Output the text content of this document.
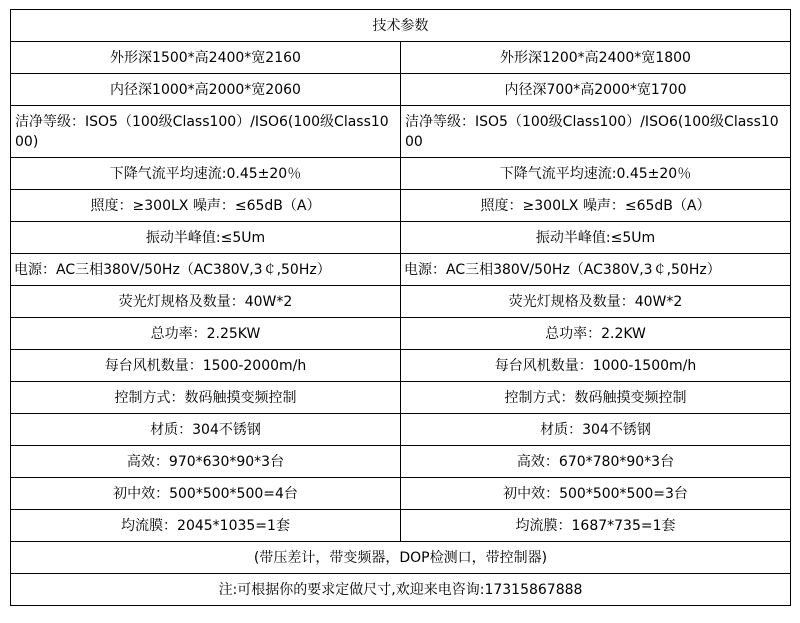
技术参数	
外形深1500*高2400*宽2160	外形深1200*高2400*宽1800
内径深1000*高2000*宽2060	内径深700*高2000*宽1700
洁净等级：ISO5（100级Class100）/ISO6(100级Class1000)	洁净等级：ISO5（100级Class100）/ISO6(100级Class1000
下降气流平均速流:0.45±20％	下降气流平均速流:0.45±20％
照度：≥300LX 噪声：≤65dB（A）	照度：≥300LX 噪声：≤65dB（A）
振动半峰值:≤5Um	振动半峰值:≤5Um
电源：AC三相380V/50Hz（AC380V,3￠,50Hz）	电源：AC三相380V/50Hz（AC380V,3￠,50Hz）
荧光灯规格及数量：40W*2	荧光灯规格及数量：40W*2
总功率：2.25KW	总功率：2.2KW
每台风机数量：1500-2000m/h	每台风机数量：1000-1500m/h
控制方式：数码触摸变频控制	控制方式：数码触摸变频控制
材质：304不锈钢	材质：304不锈钢
高效：970*630*90*3台	高效：670*780*90*3台
初中效：500*500*500=4台	初中效：500*500*500=3台
均流膜：2045*1035=1套	均流膜：1687*735=1套
(带压差计，带变频器，DOP检测口，带控制器)	
注:可根据你的要求定做尺寸,欢迎来电咨询:17315867888	
